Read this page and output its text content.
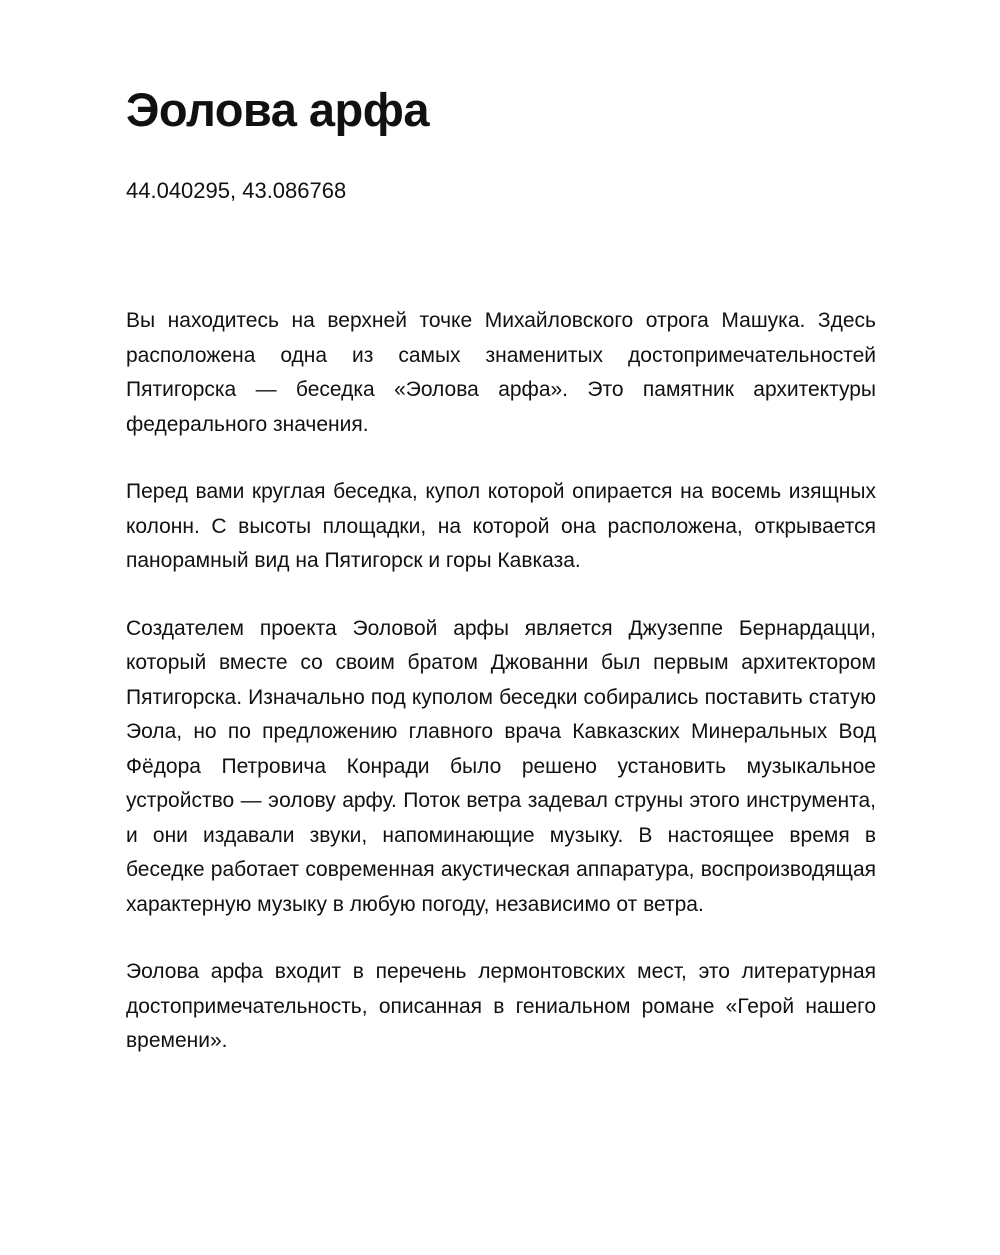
Эолова арфа
44.040295, 43.086768

Вы находитесь на верхней точке Михайловского отрога Машука. Здесь расположена одна из самых знаменитых достопримечательностей Пятигорска — беседка «Эолова арфа». Это памятник архитектуры федерального значения.

Перед вами круглая беседка, купол которой опирается на восемь изящных колонн. С высоты площадки, на которой она расположена, открывается панорамный вид на Пятигорск и горы Кавказа.

Создателем проекта Эоловой арфы является Джузеппе Бернардацци, который вместе со своим братом Джованни был первым архитектором Пятигорска. Изначально под куполом беседки собирались поставить статую Эола, но по предложению главного врача Кавказских Минеральных Вод Фёдора Петровича Конради было решено установить музыкальное устройство — эолову арфу. Поток ветра задевал струны этого инструмента, и они издавали звуки, напоминающие музыку. В настоящее время в беседке работает современная акустическая аппаратура, воспроизводящая характерную музыку в любую погоду, независимо от ветра.

Эолова арфа входит в перечень лермонтовских мест, это литературная достопримечательность, описанная в гениальном романе «Герой нашего времени».
